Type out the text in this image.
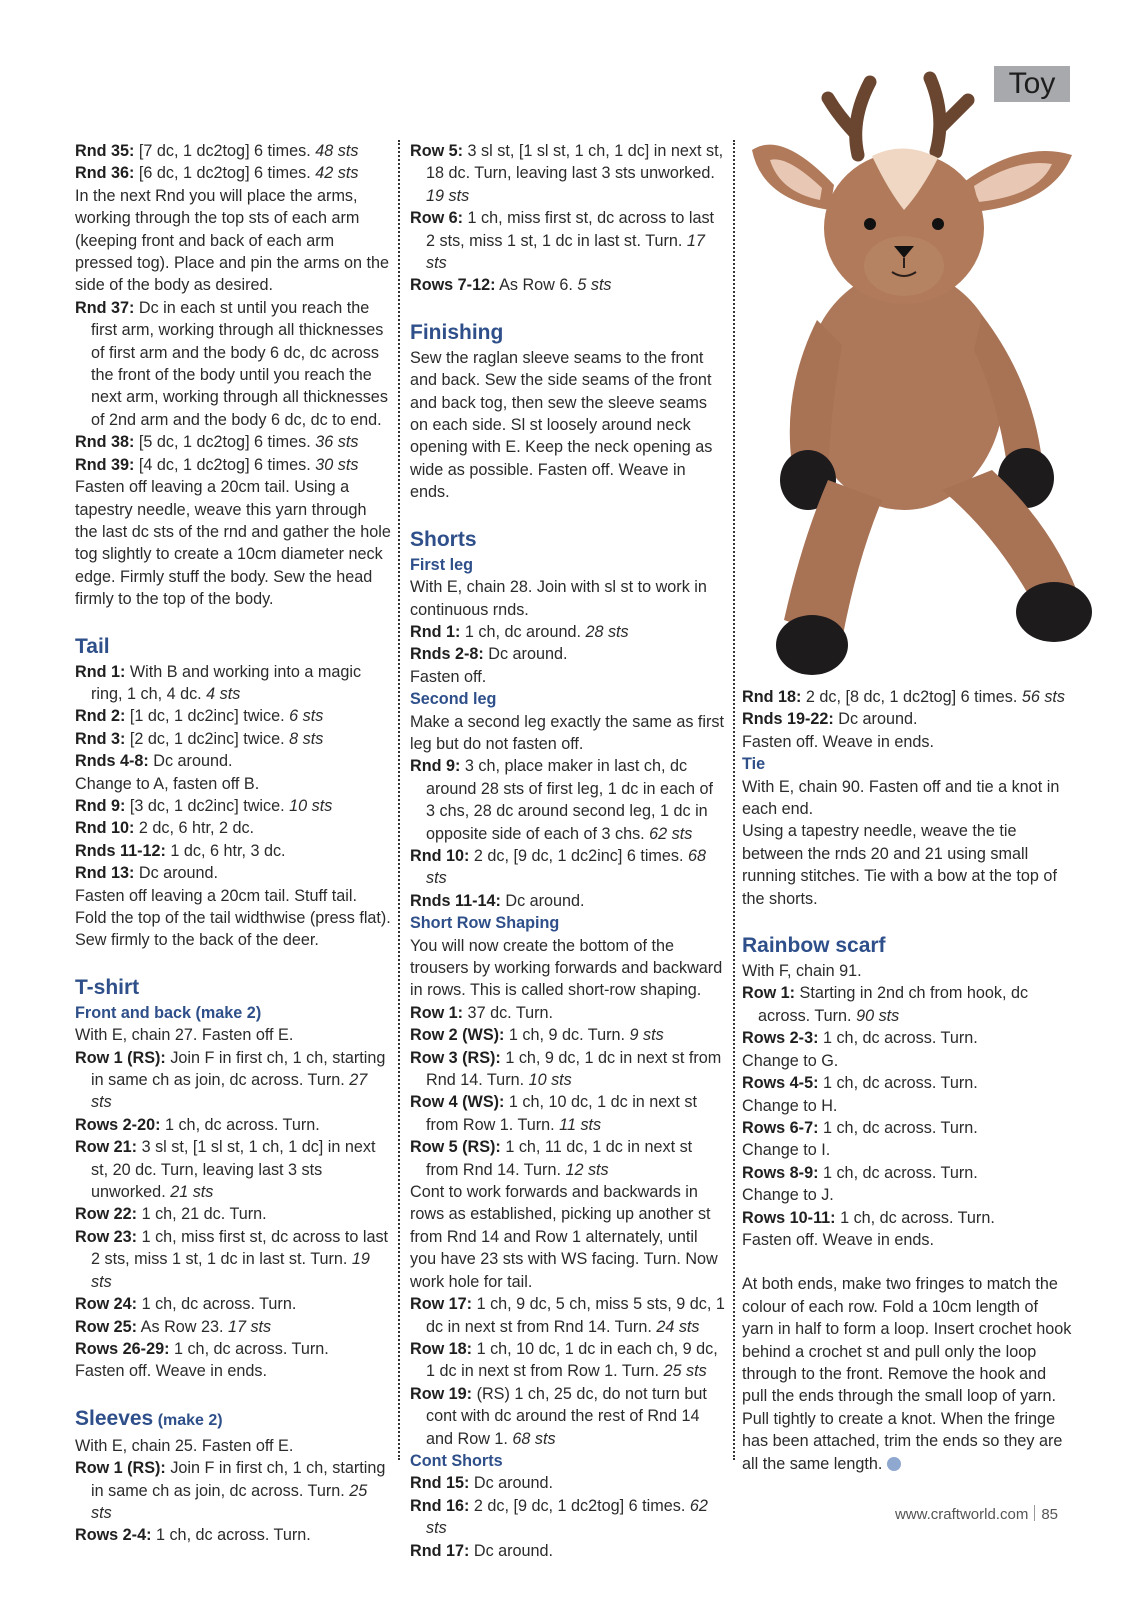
Toy

Rnd 35: [7 dc, 1 dc2tog] 6 times. 48 sts

Rnd 36: [6 dc, 1 dc2tog] 6 times. 42 sts

In the next Rnd you will place the arms, working through the top sts of each arm (keeping front and back of each arm pressed tog). Place and pin the arms on the side of the body as desired.

Rnd 37: Dc in each st until you reach the first arm, working through all thicknesses of first arm and the body 6 dc, dc across the front of the body until you reach the next arm, working through all thicknesses of 2nd arm and the body 6 dc, dc to end.

Rnd 38: [5 dc, 1 dc2tog] 6 times. 36 sts

Rnd 39: [4 dc, 1 dc2tog] 6 times. 30 sts

Fasten off leaving a 20cm tail. Using a tapestry needle, weave this yarn through the last dc sts of the rnd and gather the hole tog slightly to create a 10cm diameter neck edge. Firmly stuff the body. Sew the head firmly to the top of the body.

Tail

Rnd 1: With B and working into a magic ring, 1 ch, 4 dc. 4 sts

Rnd 2: [1 dc, 1 dc2inc] twice. 6 sts

Rnd 3: [2 dc, 1 dc2inc] twice. 8 sts

Rnds 4-8: Dc around.

Change to A, fasten off B.

Rnd 9: [3 dc, 1 dc2inc] twice. 10 sts

Rnd 10: 2 dc, 6 htr, 2 dc.

Rnds 11-12: 1 dc, 6 htr, 3 dc.

Rnd 13: Dc around.

Fasten off leaving a 20cm tail. Stuff tail. Fold the top of the tail widthwise (press flat). Sew firmly to the back of the deer.

T-shirt

Front and back (make 2)

With E, chain 27. Fasten off E.

Row 1 (RS): Join F in first ch, 1 ch, starting in same ch as join, dc across. Turn. 27 sts

Rows 2-20: 1 ch, dc across. Turn.

Row 21: 3 sl st, [1 sl st, 1 ch, 1 dc] in next st, 20 dc. Turn, leaving last 3 sts unworked. 21 sts

Row 22: 1 ch, 21 dc. Turn.

Row 23: 1 ch, miss first st, dc across to last 2 sts, miss 1 st, 1 dc in last st. Turn. 19 sts

Row 24: 1 ch, dc across. Turn.

Row 25: As Row 23. 17 sts

Rows 26-29: 1 ch, dc across. Turn.

Fasten off. Weave in ends.

Sleeves (make 2)

With E, chain 25. Fasten off E.

Row 1 (RS): Join F in first ch, 1 ch, starting in same ch as join, dc across. Turn. 25 sts

Rows 2-4: 1 ch, dc across. Turn.

Row 5: 3 sl st, [1 sl st, 1 ch, 1 dc] in next st, 18 dc. Turn, leaving last 3 sts unworked. 19 sts

Row 6: 1 ch, miss first st, dc across to last 2 sts, miss 1 st, 1 dc in last st. Turn. 17 sts

Rows 7-12: As Row 6. 5 sts

Finishing

Sew the raglan sleeve seams to the front and back. Sew the side seams of the front and back tog, then sew the sleeve seams on each side. Sl st loosely around neck opening with E. Keep the neck opening as wide as possible. Fasten off. Weave in ends.

Shorts

First leg

With E, chain 28. Join with sl st to work in continuous rnds.

Rnd 1: 1 ch, dc around. 28 sts

Rnds 2-8: Dc around.

Fasten off.

Second leg

Make a second leg exactly the same as first leg but do not fasten off.

Rnd 9: 3 ch, place maker in last ch, dc around 28 sts of first leg, 1 dc in each of 3 chs, 28 dc around second leg, 1 dc in opposite side of each of 3 chs. 62 sts

Rnd 10: 2 dc, [9 dc, 1 dc2inc] 6 times. 68 sts

Rnds 11-14: Dc around.

Short Row Shaping

You will now create the bottom of the trousers by working forwards and backward in rows. This is called short-row shaping.

Row 1: 37 dc. Turn.

Row 2 (WS): 1 ch, 9 dc. Turn. 9 sts

Row 3 (RS): 1 ch, 9 dc, 1 dc in next st from Rnd 14. Turn. 10 sts

Row 4 (WS): 1 ch, 10 dc, 1 dc in next st from Row 1. Turn. 11 sts

Row 5 (RS): 1 ch, 11 dc, 1 dc in next st from Rnd 14. Turn. 12 sts

Cont to work forwards and backwards in rows as established, picking up another st from Rnd 14 and Row 1 alternately, until you have 23 sts with WS facing. Turn. Now work hole for tail.

Row 17: 1 ch, 9 dc, 5 ch, miss 5 sts, 9 dc, 1 dc in next st from Rnd 14. Turn. 24 sts

Row 18: 1 ch, 10 dc, 1 dc in each ch, 9 dc, 1 dc in next st from Row 1. Turn. 25 sts

Row 19: (RS) 1 ch, 25 dc, do not turn but cont with dc around the rest of Rnd 14 and Row 1. 68 sts

Cont Shorts

Rnd 15: Dc around.

Rnd 16: 2 dc, [9 dc, 1 dc2tog] 6 times. 62 sts

Rnd 17: Dc around.

Rnd 18: 2 dc, [8 dc, 1 dc2tog] 6 times. 56 sts

Rnds 19-22: Dc around.

Fasten off. Weave in ends.

Tie

With E, chain 90. Fasten off and tie a knot in each end.

Using a tapestry needle, weave the tie between the rnds 20 and 21 using small running stitches. Tie with a bow at the top of the shorts.

Rainbow scarf

With F, chain 91.

Row 1: Starting in 2nd ch from hook, dc across. Turn. 90 sts

Rows 2-3: 1 ch, dc across. Turn.

Change to G.

Rows 4-5: 1 ch, dc across. Turn.

Change to H.

Rows 6-7: 1 ch, dc across. Turn.

Change to I.

Rows 8-9: 1 ch, dc across. Turn.

Change to J.

Rows 10-11: 1 ch, dc across. Turn.

Fasten off. Weave in ends.

At both ends, make two fringes to match the colour of each row. Fold a 10cm length of yarn in half to form a loop. Insert crochet hook behind a crochet st and pull only the loop through to the front. Remove the hook and pull the ends through the small loop of yarn. Pull tightly to create a knot. When the fringe has been attached, trim the ends so they are all the same length.

www.craftworld.com 85
